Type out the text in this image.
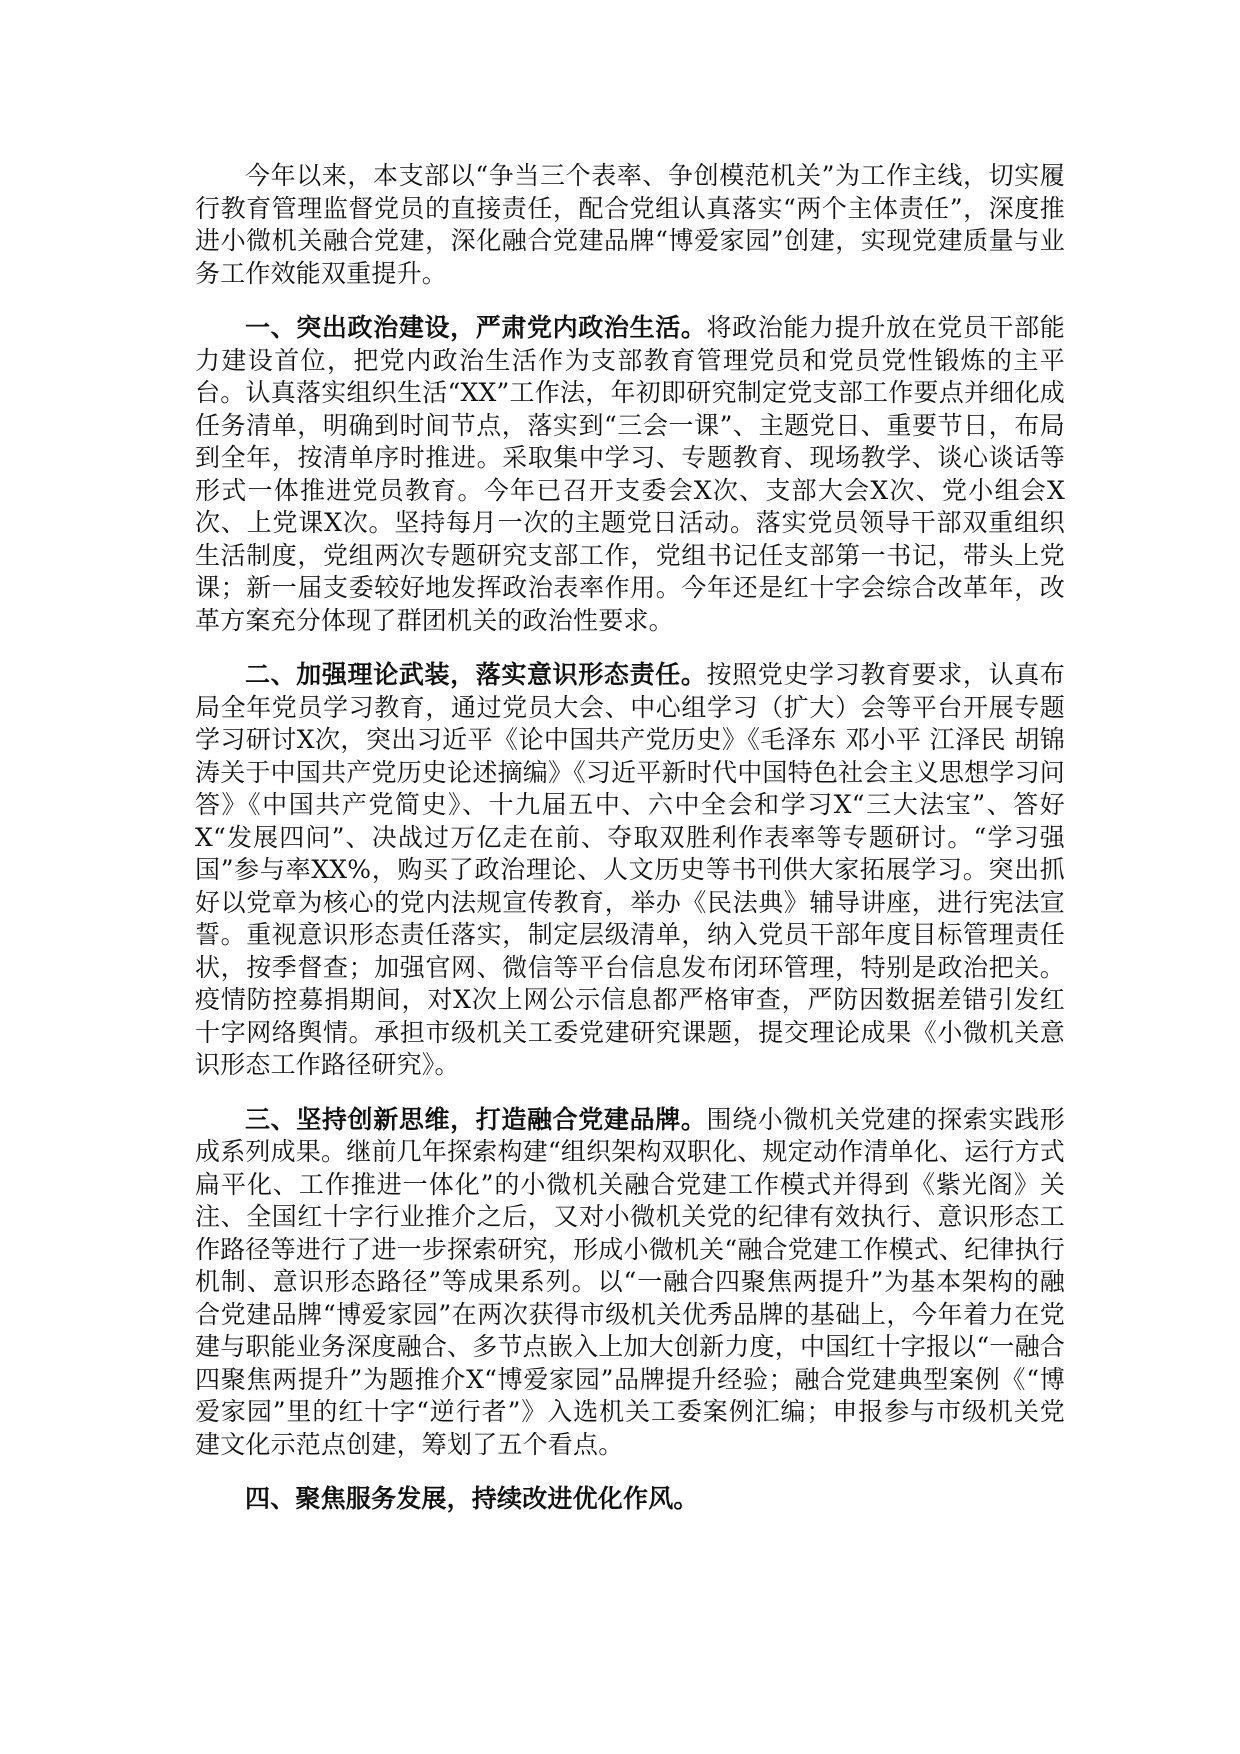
今年以来，本支部以“争当三个表率、争创模范机关”为工作主线，切实履行教育管理监督党员的直接责任，配合党组认真落实“两个主体责任”，深度推进小微机关融合党建，深化融合党建品牌“博爱家园”创建，实现党建质量与业务工作效能双重提升。

一、突出政治建设，严肃党内政治生活。将政治能力提升放在党员干部能力建设首位，把党内政治生活作为支部教育管理党员和党员党性锻炼的主平台。认真落实组织生活“XX”工作法，年初即研究制定党支部工作要点并细化成任务清单，明确到时间节点，落实到“三会一课”、主题党日、重要节日，布局到全年，按清单序时推进。采取集中学习、专题教育、现场教学、谈心谈话等形式一体推进党员教育。今年已召开支委会X次、支部大会X次、党小组会X次、上党课X次。坚持每月一次的主题党日活动。落实党员领导干部双重组织生活制度，党组两次专题研究支部工作，党组书记任支部第一书记，带头上党课；新一届支委较好地发挥政治表率作用。今年还是红十字会综合改革年，改革方案充分体现了群团机关的政治性要求。

二、加强理论武装，落实意识形态责任。按照党史学习教育要求，认真布局全年党员学习教育，通过党员大会、中心组学习（扩大）会等平台开展专题学习研讨X次，突出习近平《论中国共产党历史》《毛泽东 邓小平 江泽民 胡锦涛关于中国共产党历史论述摘编》《习近平新时代中国特色社会主义思想学习问答》《中国共产党简史》、十九届五中、六中全会和学习X“三大法宝”、答好X“发展四问”、决战过万亿走在前、夺取双胜利作表率等专题研讨。“学习强国”参与率XX%，购买了政治理论、人文历史等书刊供大家拓展学习。突出抓好以党章为核心的党内法规宣传教育，举办《民法典》辅导讲座，进行宪法宣誓。重视意识形态责任落实，制定层级清单，纳入党员干部年度目标管理责任状，按季督查；加强官网、微信等平台信息发布闭环管理，特别是政治把关。疫情防控募捐期间，对X次上网公示信息都严格审查，严防因数据差错引发红十字网络舆情。承担市级机关工委党建研究课题，提交理论成果《小微机关意识形态工作路径研究》。

三、坚持创新思维，打造融合党建品牌。围绕小微机关党建的探索实践形成系列成果。继前几年探索构建“组织架构双职化、规定动作清单化、运行方式扁平化、工作推进一体化”的小微机关融合党建工作模式并得到《紫光阁》关注、全国红十字行业推介之后，又对小微机关党的纪律有效执行、意识形态工作路径等进行了进一步探索研究，形成小微机关“融合党建工作模式、纪律执行机制、意识形态路径”等成果系列。以“一融合四聚焦两提升”为基本架构的融合党建品牌“博爱家园”在两次获得市级机关优秀品牌的基础上，今年着力在党建与职能业务深度融合、多节点嵌入上加大创新力度，中国红十字报以“一融合四聚焦两提升”为题推介X“博爱家园”品牌提升经验；融合党建典型案例《“博爱家园”里的红十字“逆行者”》入选机关工委案例汇编；申报参与市级机关党建文化示范点创建，筹划了五个看点。

四、聚焦服务发展，持续改进优化作风。
